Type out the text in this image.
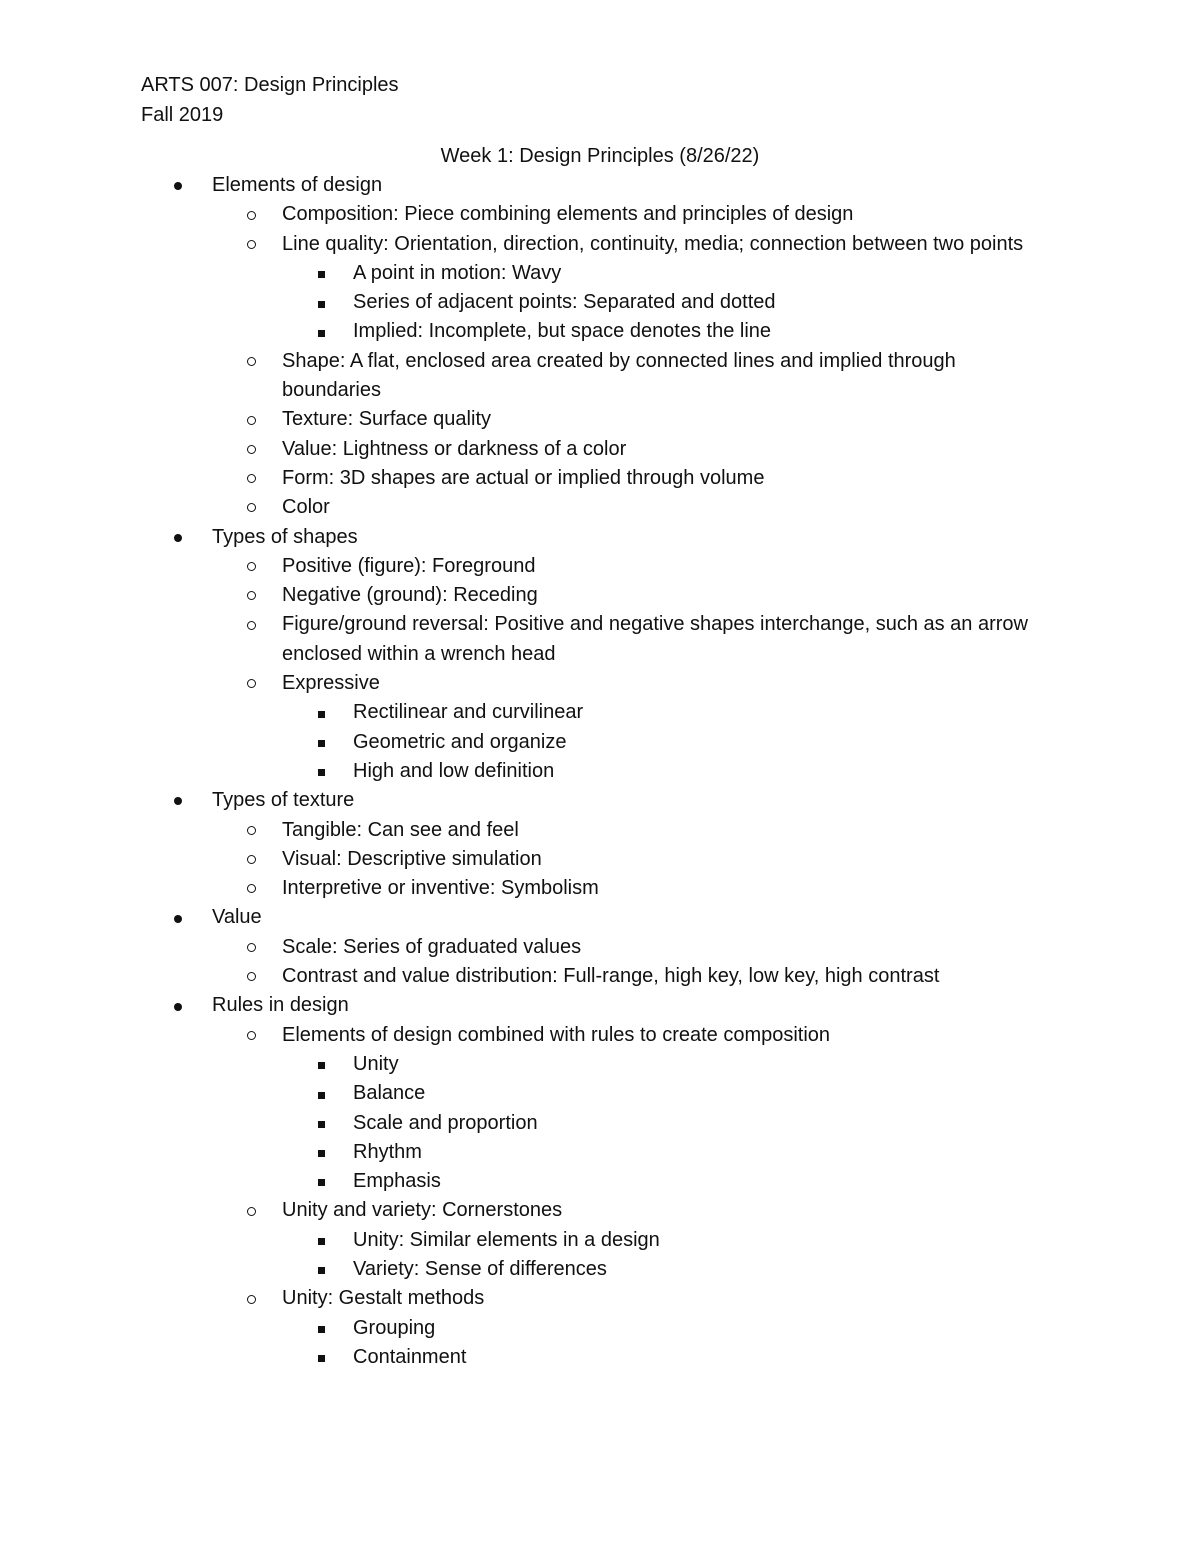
ARTS 007: Design Principles

Fall 2019

Week 1: Design Principles (8/26/22)

Elements of design
Composition: Piece combining elements and principles of design
Line quality: Orientation, direction, continuity, media; connection between two points
A point in motion: Wavy
Series of adjacent points: Separated and dotted
Implied: Incomplete, but space denotes the line
Shape: A flat, enclosed area created by connected lines and implied through boundaries
Texture: Surface quality
Value: Lightness or darkness of a color
Form: 3D shapes are actual or implied through volume
Color
Types of shapes
Positive (figure): Foreground
Negative (ground): Receding
Figure/ground reversal: Positive and negative shapes interchange, such as an arrow enclosed within a wrench head
Expressive
Rectilinear and curvilinear
Geometric and organize
High and low definition
Types of texture
Tangible: Can see and feel
Visual: Descriptive simulation
Interpretive or inventive: Symbolism
Value
Scale: Series of graduated values
Contrast and value distribution: Full-range, high key, low key, high contrast
Rules in design
Elements of design combined with rules to create composition
Unity
Balance
Scale and proportion
Rhythm
Emphasis
Unity and variety: Cornerstones
Unity: Similar elements in a design
Variety: Sense of differences
Unity: Gestalt methods
Grouping
Containment
